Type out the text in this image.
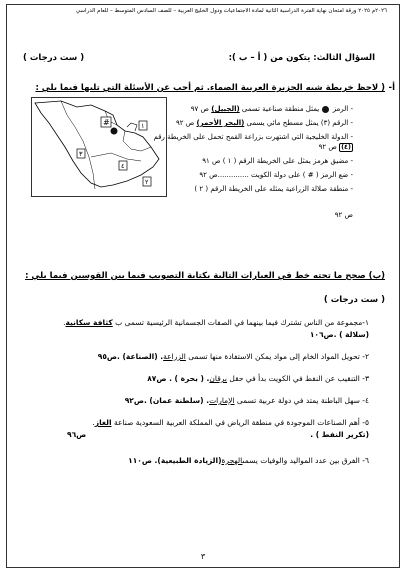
٢٠٢٦م ٢٠٢٥ ورقة امتحان نهاية الفترة الدراسية الثانية لمادة الاجتماعيات ودول الخليج العربية – للصف السادس المتوسط – للعام الدراسي
السؤال الثالث: يتكون من ( أ – ب ):
( ست درجات )
أ-
( لاحظ خريطة شبه الجزيرة العربية الصماء. ثم أجب عن الأسئلة التي تليها فيما يلي :
#	١
٣
٤
٢
- الرمز  يمثل منطقة صناعية تسمى (الجبيل) ص ٩٧
- الرقم (٣) يمثل مسطح مائي يسمى (البحر الأحمر) ص ٩٢
- الدولة الخليجية التي اشتهرت بزراعة القمح تحمل على الخريطة رقم
(٤) ص ٩٢
- مضيق هرمز يمثل على الخريطة الرقم ( ١ ) ص ٩١
- ضع الرمز ( # ) على دولة الكويت ..............ص ٩٢
- منطقة صلالة الزراعية يمثله على الخريطة الرقم ( ٢ )
ص ٩٢
(ب) صحح ما تحته خط في العبارات التالية بكتابة التصويب فيما بين القوسين فيما يلي :
( ست درجات )
١-مجموعة من الناس تشترك فيما بينهما في الصفات الجسمانية الرئيسية تسمى ب كثافة سكانية.
(سلالة ) .ص١٠٦
٢- تحويل المواد الخام إلى مواد يمكن الاستفادة منها تسمى الزراعة. (الصناعة) .ص٩٥
٣- التنقيب عن النفط في الكويت بدأ في حقل برقان. ( بحرة ) . ص٨٧
٤- سهل الباطنة يمتد في دولة عربية تسمى الإمارات. (سلطنة عمان) .ص٩٢
٥- أهم الصناعات الموجودة في منطقة الرياض في المملكة العربية السعودية صناعة الغاز.
(تكرير النفط ) .
ص٩٦
٦- الفرق بين عدد المواليد والوفيات يسمىالهجرة(الزيادة الطبيعية). ص١١٠
٣
